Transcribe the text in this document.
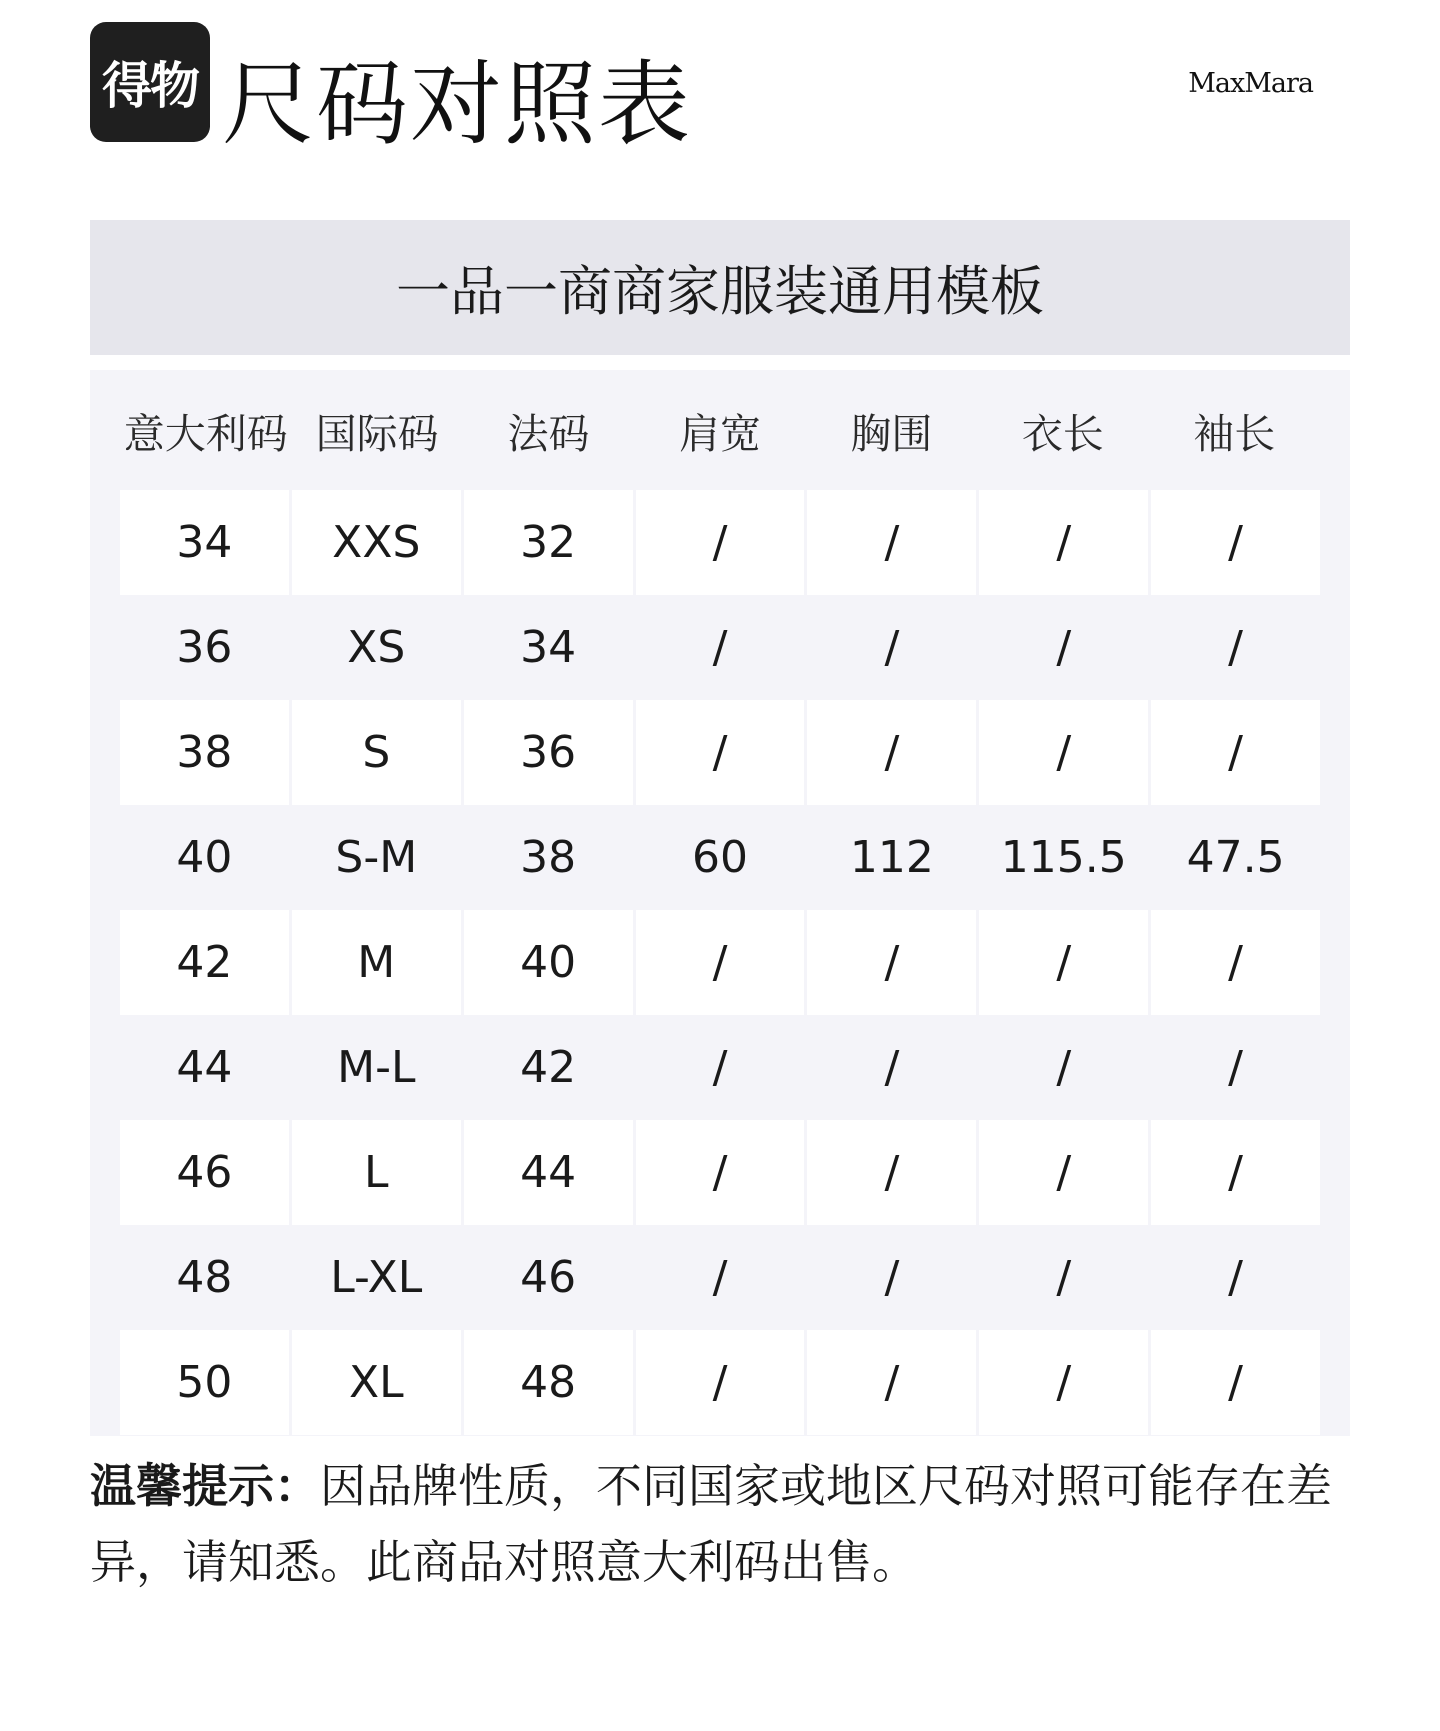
得物 尺码对照表	MaxMara
一品一商商家服装通用模板
意大利码 国际码	法码	肩宽	胸围	衣长	袖长
34	XXS	32	/	/	/	/
36	XS	34	/	/	/	/
38	S	36	/	/	/	/
40	S-M	38	60	112	115.5	47.5
42	M	40	/	/	/	/
44	M-L	42	/	/	/	/
46	L	44	/	/	/	/
48	L-XL	46	/	/	/	/
50	XL	48	/	/	/	/
温馨提示：因品牌性质，不同国家或地区尺码对照可能存在差异，请知悉。此商品对照意大利码出售。
